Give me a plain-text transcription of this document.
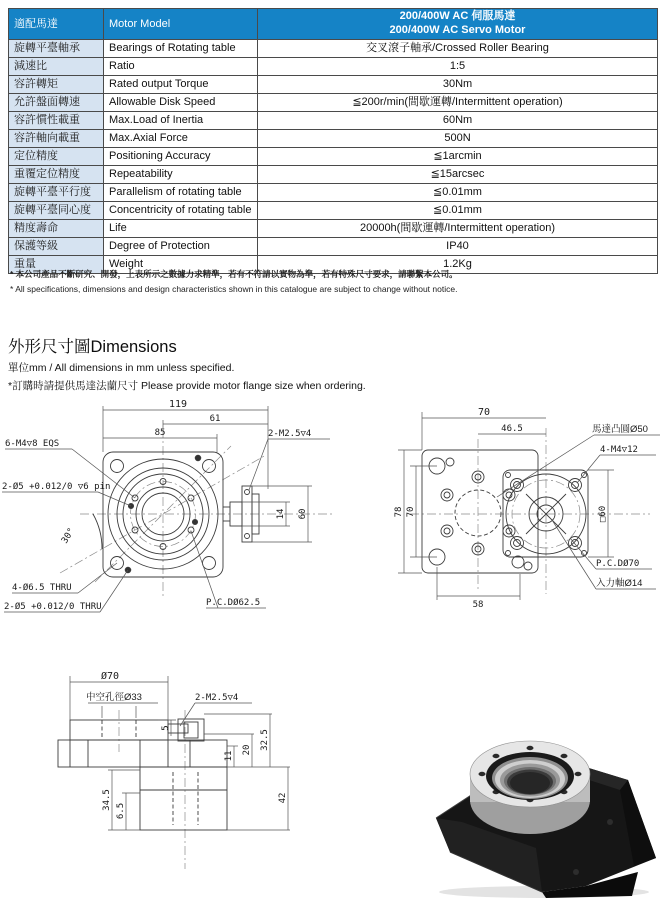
適配馬達	Motor Model	200/400W AC 伺服馬達
200/400W AC Servo Motor

旋轉平臺軸承	Bearings of Rotating table	交叉滾子軸承/Crossed Roller Bearing
減速比	Ratio	1:5
容許轉矩	Rated output Torque	30Nm
允許盤面轉速	Allowable Disk Speed	≦200r/min(間歇運轉/Intermittent operation)
容許慣性載重	Max.Load of Inertia	60Nm
容許軸向載重	Max.Axial Force	500N
定位精度	Positioning Accuracy	≦1arcmin
重覆定位精度	Repeatability	≦15arcsec
旋轉平臺平行度	Parallelism of rotating table	≦0.01mm
旋轉平臺同心度	Concentricity of rotating table	≦0.01mm
精度壽命	Life	20000h(間歇運轉/Intermittent operation)
保護等級	Degree of Protection	IP40
重量	Weight	1.2Kg

* 本公司產品不斷研究、開發，上表所示之數據力求精準，若有不符請以實物為準，若有特殊尺寸要求，請聯繫本公司。

* All specifications, dimensions and design characteristics shown in this catalogue are subject to change without notice.

外形尺寸圖Dimensions

單位mm / All dimensions in mm unless specified.

*訂購時請提供馬達法蘭尺寸 Please provide motor flange size when ordering.

119
61
85
14 60
6-M4▽8 EQS
2-Ø5 +0.012/0 ▽6 pin
30°
4-Ø6.5 THRU
2-Ø5 +0.012/0 THRU	P.C.DØ62.5
2-M2.5▽4
70
46.5
78 70	□60
58
馬達凸圓Ø50
4-M4▽12
P.C.DØ70
入力軸Ø14
Ø70
中空孔徑Ø33
5
2-M2.5▽4
11
20 32.5
42
34.5
6.5
